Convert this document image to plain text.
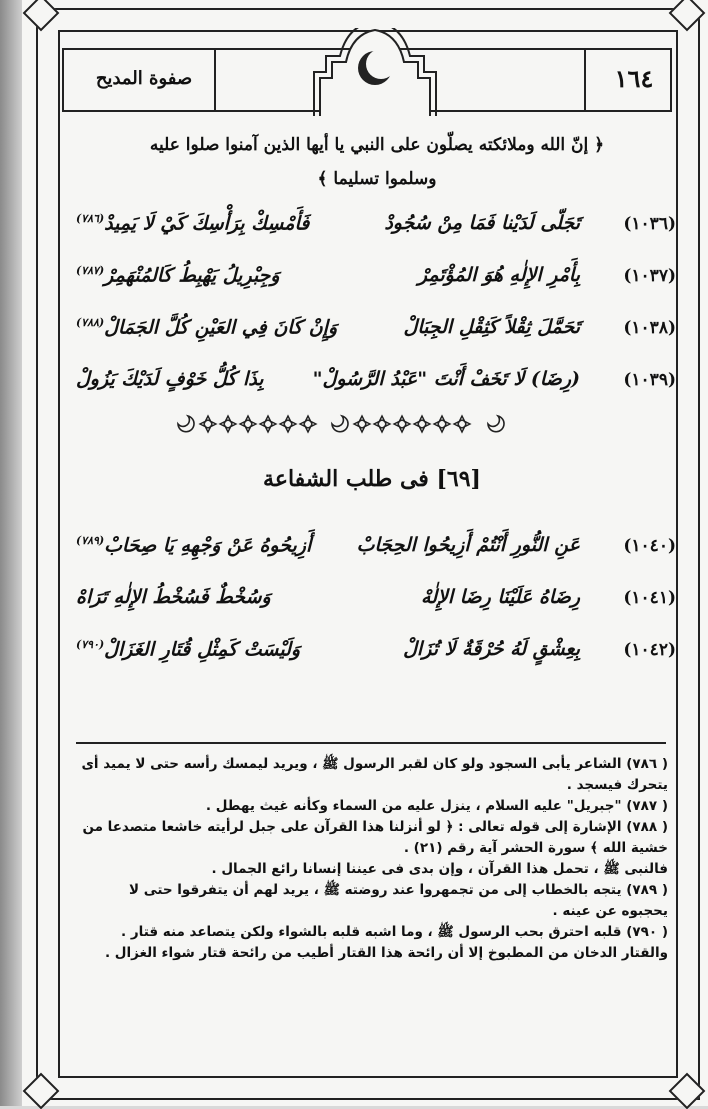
١٦٤
صفوة المديح
﴿ إنّ الله وملائكته يصلّون على النبي يا أيها الذين آمنوا صلوا عليه وسلموا تسليما ﴾
(١٠٣٦)
تَجَلّى لَدَيْنا فَمَا مِنْ سُجُودْ
فَأَمْسِكْ بِرَأْسِكَ كَيْ لَا يَمِيدْ$^{(٧٨٦)}$
(١٠٣٧)
بِأَمْرِ الإِلٰهِ هُوَ المُؤْتَمِرْ
وَجِبْرِيلُ يَهْبِطُ كَالمُنْهَمِرْ$^{(٧٨٧)}$
(١٠٣٨)
تَحَمَّلَ ثِقْلاً كَثِقْلِ الجِبَالْ
وَإِنْ كَانَ فِي العَيْنِ كُلَّ الجَمَالْ$^{(٧٨٨)}$
(١٠٣٩)
(رِضَا) لَا تَخَفْ أَنْتَ "عَبْدُ الرَّسُولْ"
بِذَا كُلُّ خَوْفٍ لَدَيْكَ يَزُولْ
[٦٩] فى طلب الشفاعة
(١٠٤٠)
عَنِ النُّورِ أَنْتُمْ أَزِيحُوا الحِجَابْ
أَزِيحُوهُ عَنْ وَجْهِهِ يَا صِحَابْ$^{(٧٨٩)}$
(١٠٤١)
رِضَاهُ عَلَيْنَا رِضَا الإِلٰهْ
وَسُخْطٌ فَسُخْطُ الإِلٰهِ تَرَاهْ
(١٠٤٢)
بِعِشْقٍ لَهُ حُرْقَةٌ لَا تُزَالْ
وَلَيْسَتْ كَمِثْلِ قُتَارِ الغَزَالْ$^{(٧٩٠)}$

( ٧٨٦) الشاعر يأبى السجود ولو كان لقبر الرسول ﷺ ، ويريد ليمسك رأسه حتى لا يميد أى يتحرك فيسجد .

( ٧٨٧) "جبريل" عليه السلام ، ينزل عليه من السماء وكأنه غيث يهطل .

( ٧٨٨) الإشارة إلى قوله تعالى : ﴿ لو أنزلنا هذا القرآن على جبل لرأيته خاشعا متصدعا من خشية الله ﴾ سورة الحشر آية رقم (٢١) .

فالنبى ﷺ ، تحمل هذا القرآن ، وإن بدى فى عيننا إنسانا رائع الجمال .

( ٧٨٩) يتجه بالخطاب إلى من تجمهروا عند روضته ﷺ ، يريد لهم أن يتفرقوا حتى لا يحجبوه عن عينه .

( ٧٩٠) قلبه احترق بحب الرسول ﷺ ، وما اشبه قلبه بالشواء ولكن يتصاعد منه قتار . والقتار الدخان من المطبوخ إلا أن رائحة هذا القتار أطيب من رائحة قتار شواء الغزال .
